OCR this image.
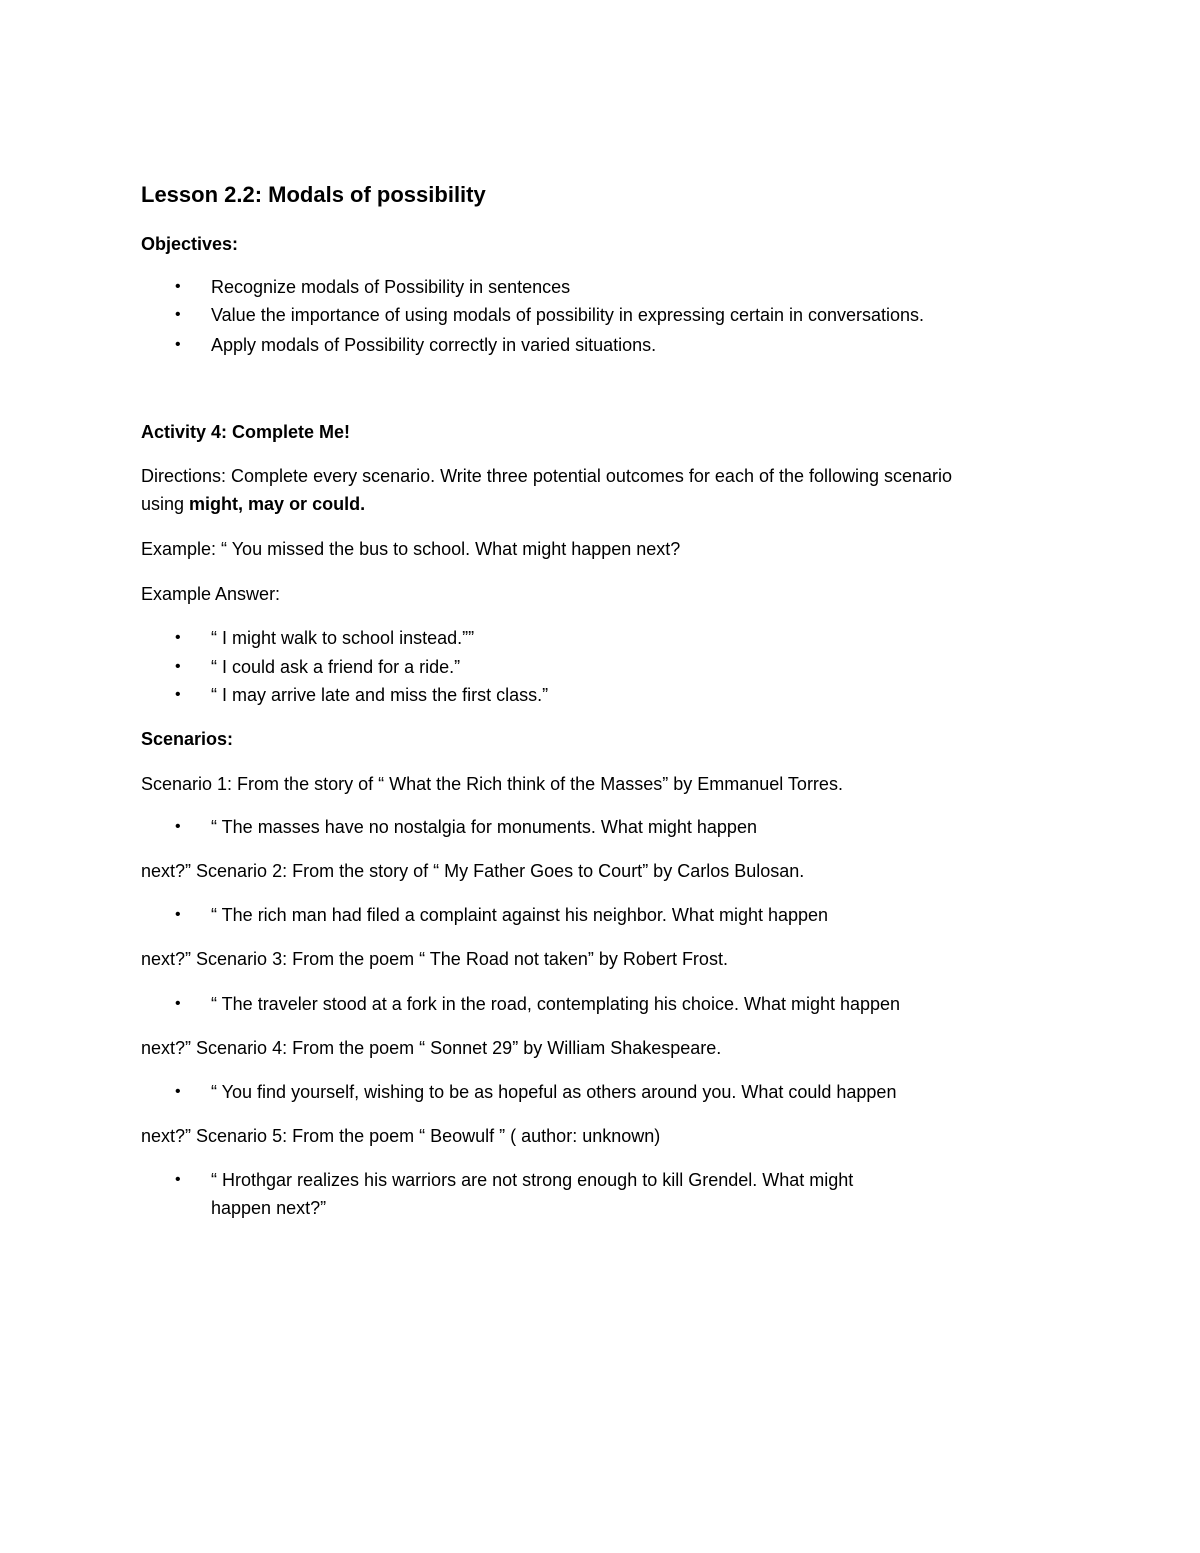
Lesson 2.2: Modals of possibility
Objectives:
•	Recognize modals of Possibility in sentences
•	Value the importance of using modals of possibility in expressing certain in conversations.
•	Apply modals of Possibility correctly in varied situations.
Activity 4: Complete Me!
Directions: Complete every scenario. Write three potential outcomes for each of the following scenario
using might, may or could.
Example: “ You missed the bus to school. What might happen next?
Example Answer:
•	“ I might walk to school instead.””
•	“ I could ask a friend for a ride.”
•	“ I may arrive late and miss the first class.”
Scenarios:
Scenario 1: From the story of “ What the Rich think of the Masses” by Emmanuel Torres.
•	“ The masses have no nostalgia for monuments. What might happen
next?” Scenario 2: From the story of “ My Father Goes to Court” by Carlos Bulosan.
•	“ The rich man had filed a complaint against his neighbor. What might happen
next?” Scenario 3: From the poem “ The Road not taken” by Robert Frost.
•	“ The traveler stood at a fork in the road, contemplating his choice. What might happen
next?” Scenario 4: From the poem “ Sonnet 29” by William Shakespeare.
•	“ You find yourself, wishing to be as hopeful as others around you. What could happen
next?” Scenario 5: From the poem “ Beowulf ” ( author: unknown)
•	“ Hrothgar realizes his warriors are not strong enough to kill Grendel. What might
happen next?”
